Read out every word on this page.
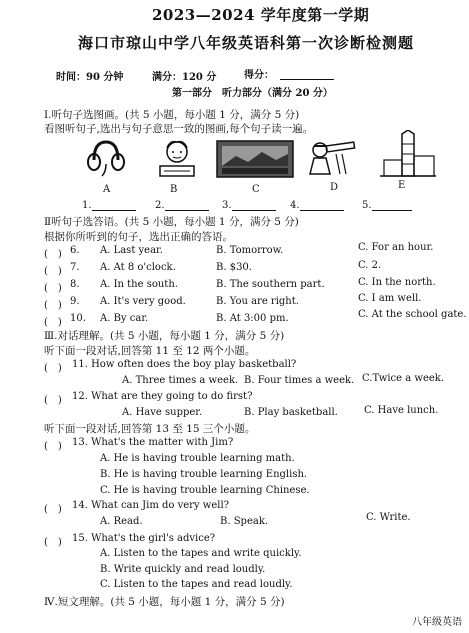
2023—2024 学年度第一学期
海口市琼山中学八年级英语科第一次诊断检测题
时间：90 分钟	满分：120 分	得分：
第一部分　听力部分（满分 20 分）
Ⅰ.听句子选图画。(共 5 小题，每小题 1 分，满分 5 分)
看图听句子,选出与句子意思一致的图画,每个句子读一遍。
A	B	C	D	E
1.	2.	3.	4.	5.
Ⅱ听句子选答语。(共 5 小题，每小题 1 分，满分 5 分)
根据你所听到的句子，选出正确的答语。
(　) 6. A. Last year.	B. Tomorrow.	C. For an hour.
(　) 7. A. At 8 o'clock.	B. $30.	C. 2.
(　) 8. A. In the south.	B. The southern part.	C. In the north.
(　) 9. A. It's very good.	B. You are right.	C. I am well.
(　) 10. A. By car.	B. At 3:00 pm.	C. At the school gate.
Ⅲ.对话理解。(共 5 小题，每小题 1 分，满分 5 分)
听下面一段对话,回答第 11 至 12 两个小题。
(　) 11. How often does the boy play basketball?
A. Three times a week. B. Four times a week. C.Twice a week.
(　) 12. What are they going to do first?
A. Have supper.	B. Play basketball.	C. Have lunch.
听下面一段对话,回答第 13 至 15 三个小题。
(　) 13. What's the matter with Jim?
A. He is having trouble learning math.
B. He is having trouble learning English.
C. He is having trouble learning Chinese.
(　) 14. What can Jim do very well?
A. Read.	B. Speak.	C. Write.
(　) 15. What's the girl's advice?
A. Listen to the tapes and write quickly.
B. Write quickly and read loudly.
C. Listen to the tapes and read loudly.
Ⅳ.短文理解。(共 5 小题，每小题 1 分，满分 5 分)
八年级英语
